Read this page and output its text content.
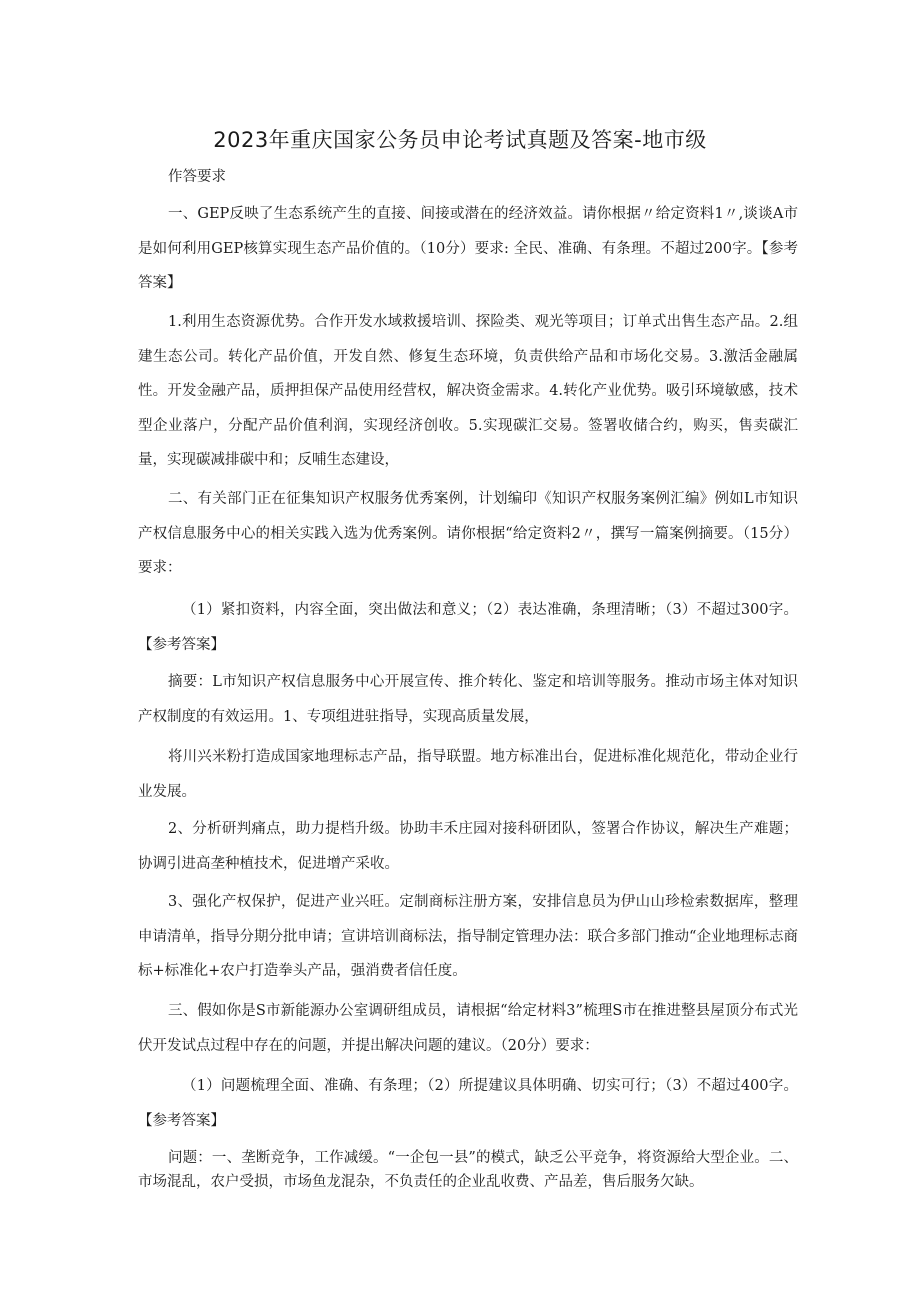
2023年重庆国家公务员申论考试真题及答案-地市级
作答要求
一、GEP反映了生态系统产生的直接、间接或潜在的经济效益。请你根据〃给定资料1〃,谈谈A市是如何利用GEP核算实现生态产品价值的。（10分）要求: 全民、准确、有条理。不超过200字。【参考答案】
1.利用生态资源优势。合作开发水域救援培训、探险类、观光等项目；订单式出售生态产品。2.组建生态公司。转化产品价值，开发自然、修复生态环境，负责供给产品和市场化交易。3.激活金融属性。开发金融产品，质押担保产品使用经营权，解决资金需求。4.转化产业优势。吸引环境敏感，技术型企业落户，分配产品价值利润，实现经济创收。5.实现碳汇交易。签署收储合约，购买，售卖碳汇量，实现碳减排碳中和；反哺生态建设，
二、有关部门正在征集知识产权服务优秀案例，计划编印《知识产权服务案例汇编》例如L市知识产权信息服务中心的相关实践入选为优秀案例。请你根据“给定资料2〃，撰写一篇案例摘要。（15分）要求：
（1）紧扣资料，内容全面，突出做法和意义；（2）表达准确，条理清晰；（3）不超过300字。【参考答案】
摘要：L市知识产权信息服务中心开展宣传、推介转化、鉴定和培训等服务。推动市场主体对知识产权制度的有效运用。1、专项组进驻指导，实现高质量发展，
将川兴米粉打造成国家地理标志产品，指导联盟。地方标准出台，促进标准化规范化，带动企业行业发展。
2、分析研判痛点，助力提档升级。协助丰禾庄园对接科研团队，签署合作协议，解决生产难题；协调引进高垄种植技术，促进增产采收。
3、强化产权保护，促进产业兴旺。定制商标注册方案，安排信息员为伊山山珍检索数据库，整理申请清单，指导分期分批申请；宣讲培训商标法，指导制定管理办法：联合多部门推动“企业地理标志商标+标准化+农户打造拳头产品，强消费者信任度。
三、假如你是S市新能源办公室调研组成员，请根据“给定材料3”梳理S市在推进整县屋顶分布式光伏开发试点过程中存在的问题，并提出解决问题的建议。（20分）要求：
（1）问题梳理全面、准确、有条理；（2）所提建议具体明确、切实可行；（3）不超过400字。【参考答案】
问题：一、垄断竞争，工作减缓。“一企包一县”的模式，缺乏公平竞争，将资源给大型企业。二、市场混乱，农户受损，市场鱼龙混杂，不负责任的企业乱收费、产品差，售后服务欠缺。
